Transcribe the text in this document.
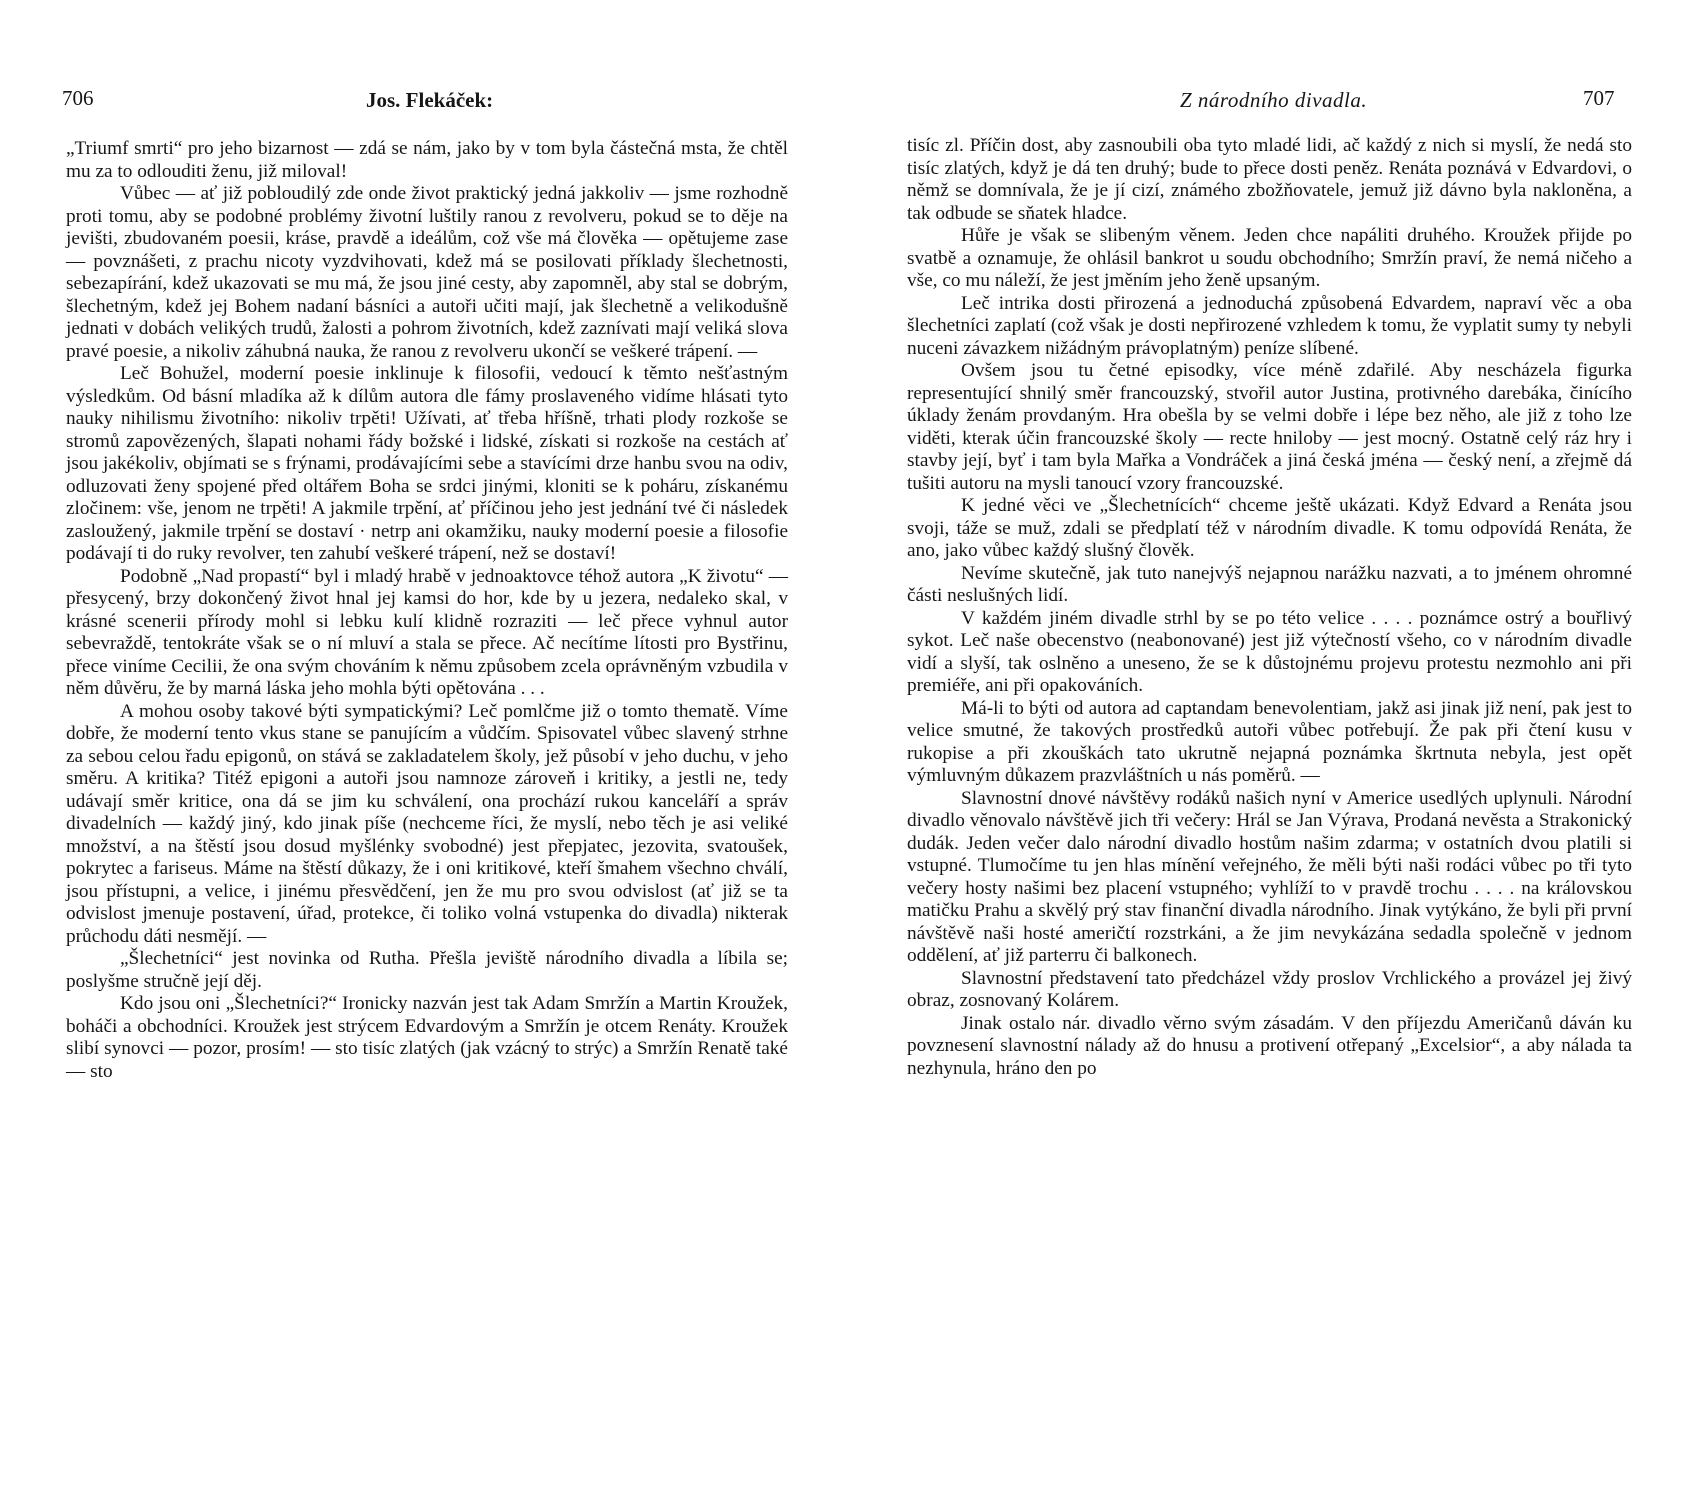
706	Jos. Flekáček:

„Triumf smrti“ pro jeho bizarnost — zdá se nám, jako by v tom byla částečná msta, že chtěl mu za to odlouditi ženu, již miloval!

Vůbec — ať již pobloudilý zde onde život praktický jedná jakkoliv — jsme rozhodně proti tomu, aby se podobné problémy životní luštily ranou z revolveru, pokud se to děje na jevišti, zbudovaném poesii, kráse, pravdě a ideálům, což vše má člověka — opětujeme zase — povznášeti, z prachu nicoty vyzdvihovati, kdež má se posilovati příklady šlechetnosti, sebezapírání, kdež ukazovati se mu má, že jsou jiné cesty, aby zapomněl, aby stal se dobrým, šlechetným, kdež jej Bohem nadaní básníci a autoři učiti mají, jak šlechetně a velikodušně jednati v dobách velikých trudů, žalosti a pohrom životních, kdež zaznívati mají veliká slova pravé poesie, a nikoliv záhubná nauka, že ranou z revolveru ukončí se veškeré trápení. —

Leč Bohužel, moderní poesie inklinuje k filosofii, vedoucí k těmto nešťastným výsledkům. Od básní mladíka až k dílům autora dle fámy proslaveného vidíme hlásati tyto nauky nihilismu životního: nikoliv trpěti! Užívati, ať třeba hříšně, trhati plody rozkoše se stromů zapovězených, šlapati nohami řády božské i lidské, získati si rozkoše na cestách ať jsou jakékoliv, objímati se s frýnami, prodávajícími sebe a stavícími drze hanbu svou na odiv, odluzovati ženy spojené před oltářem Boha se srdci jinými, kloniti se k poháru, získanému zločinem: vše, jenom ne trpěti! A jakmile trpění, ať příčinou jeho jest jednání tvé či následek zasloužený, jakmile trpění se dostaví · netrp ani okamžiku, nauky moderní poesie a filosofie podávají ti do ruky revolver, ten zahubí veškeré trápení, než se dostaví!

Podobně „Nad propastí“ byl i mladý hrabě v jednoaktovce téhož autora „K životu“ — přesycený, brzy dokončený život hnal jej kamsi do hor, kde by u jezera, nedaleko skal, v krásné scenerii přírody mohl si lebku kulí klidně rozraziti — leč přece vyhnul autor sebevraždě, tentokráte však se o ní mluví a stala se přece. Ač necítíme lítosti pro Bystřinu, přece viníme Cecilii, že ona svým chováním k němu způsobem zcela oprávněným vzbudila v něm důvěru, že by marná láska jeho mohla býti opětována . . .

A mohou osoby takové býti sympatickými? Leč pomlčme již o tomto thematě. Víme dobře, že moderní tento vkus stane se panujícím a vůdčím. Spisovatel vůbec slavený strhne za sebou celou řadu epigonů, on stává se zakladatelem školy, jež působí v jeho duchu, v jeho směru. A kritika? Titéž epigoni a autoři jsou namnoze zároveň i kritiky, a jestli ne, tedy udávají směr kritice, ona dá se jim ku schválení, ona prochází rukou kanceláří a správ divadelních — každý jiný, kdo jinak píše (nechceme říci, že myslí, nebo těch je asi veliké množství, a na štěstí jsou dosud myšlénky svobodné) jest přepjatec, jezovita, svatoušek, pokrytec a fariseus. Máme na štěstí důkazy, že i oni kritikové, kteří šmahem všechno chválí, jsou přístupni, a velice, i jinému přesvědčení, jen že mu pro svou odvislost (ať již se ta odvislost jmenuje postavení, úřad, protekce, či toliko volná vstupenka do divadla) nikterak průchodu dáti nesmějí. —

„Šlechetníci“ jest novinka od Rutha. Přešla jeviště národního divadla a líbila se; poslyšme stručně její děj.

Kdo jsou oni „Šlechetníci?“ Ironicky nazván jest tak Adam Smržín a Martin Kroužek, boháči a obchodníci. Kroužek jest strýcem Edvardovým a Smržín je otcem Renáty. Kroužek slibí synovci — pozor, prosím! — sto tisíc zlatých (jak vzácný to strýc) a Smržín Renatě také — sto

Z národního divadla.	707

tisíc zl. Příčin dost, aby zasnoubili oba tyto mladé lidi, ač každý z nich si myslí, že nedá sto tisíc zlatých, když je dá ten druhý; bude to přece dosti peněz. Renáta poznává v Edvardovi, o němž se domnívala, že je jí cizí, známého zbožňovatele, jemuž již dávno byla nakloněna, a tak odbude se sňatek hladce.

Hůře je však se slibeným věnem. Jeden chce napáliti druhého. Kroužek přijde po svatbě a oznamuje, že ohlásil bankrot u soudu obchodního; Smržín praví, že nemá ničeho a vše, co mu náleží, že jest jměním jeho ženě upsaným.

Leč intrika dosti přirozená a jednoduchá způsobená Edvardem, napraví věc a oba šlechetníci zaplatí (což však je dosti nepřirozené vzhledem k tomu, že vyplatit sumy ty nebyli nuceni závazkem nižádným právoplatným) peníze slíbené.

Ovšem jsou tu četné episodky, více méně zdařilé. Aby nescházela figurka representující shnilý směr francouzský, stvořil autor Justina, protivného darebáka, činícího úklady ženám provdaným. Hra obešla by se velmi dobře i lépe bez něho, ale již z toho lze viděti, kterak účin francouzské školy — recte hniloby — jest mocný. Ostatně celý ráz hry i stavby její, byť i tam byla Mařka a Vondráček a jiná česká jména — český není, a zřejmě dá tušiti autoru na mysli tanoucí vzory francouzské.

K jedné věci ve „Šlechetnících“ chceme ještě ukázati. Když Edvard a Renáta jsou svoji, táže se muž, zdali se předplatí též v národním divadle. K tomu odpovídá Renáta, že ano, jako vůbec každý slušný člověk.

Nevíme skutečně, jak tuto nanejvýš nejapnou narážku nazvati, a to jménem ohromné části neslušných lidí.

V každém jiném divadle strhl by se po této velice . . . . poznámce ostrý a bouřlivý sykot. Leč naše obecenstvo (neabonované) jest již výtečností všeho, co v národním divadle vidí a slyší, tak oslněno a uneseno, že se k důstojnému projevu protestu nezmohlo ani při premiéře, ani při opakováních.

Má-li to býti od autora ad captandam benevolentiam, jakž asi jinak již není, pak jest to velice smutné, že takových prostředků autoři vůbec potřebují. Že pak při čtení kusu v rukopise a při zkouškách tato ukrutně nejapná poznámka škrtnuta nebyla, jest opět výmluvným důkazem prazvláštních u nás poměrů. —

Slavnostní dnové návštěvy rodáků našich nyní v Americe usedlých uplynuli. Národní divadlo věnovalo návštěvě jich tři večery: Hrál se Jan Výrava, Prodaná nevěsta a Strakonický dudák. Jeden večer dalo národní divadlo hostům našim zdarma; v ostatních dvou platili si vstupné. Tlumočíme tu jen hlas mínění veřejného, že měli býti naši rodáci vůbec po tři tyto večery hosty našimi bez placení vstupného; vyhlíží to v pravdě trochu . . . . na královskou matičku Prahu a skvělý prý stav finanční divadla národního. Jinak vytýkáno, že byli při první návštěvě naši hosté američtí rozstrkáni, a že jim nevykázána sedadla společně v jednom oddělení, ať již parterru či balkonech.

Slavnostní představení tato předcházel vždy proslov Vrchlického a provázel jej živý obraz, zosnovaný Kolárem.

Jinak ostalo nár. divadlo věrno svým zásadám. V den příjezdu Američanů dáván ku povznesení slavnostní nálady až do hnusu a protivení otřepaný „Excelsior“, a aby nálada ta nezhynula, hráno den po
